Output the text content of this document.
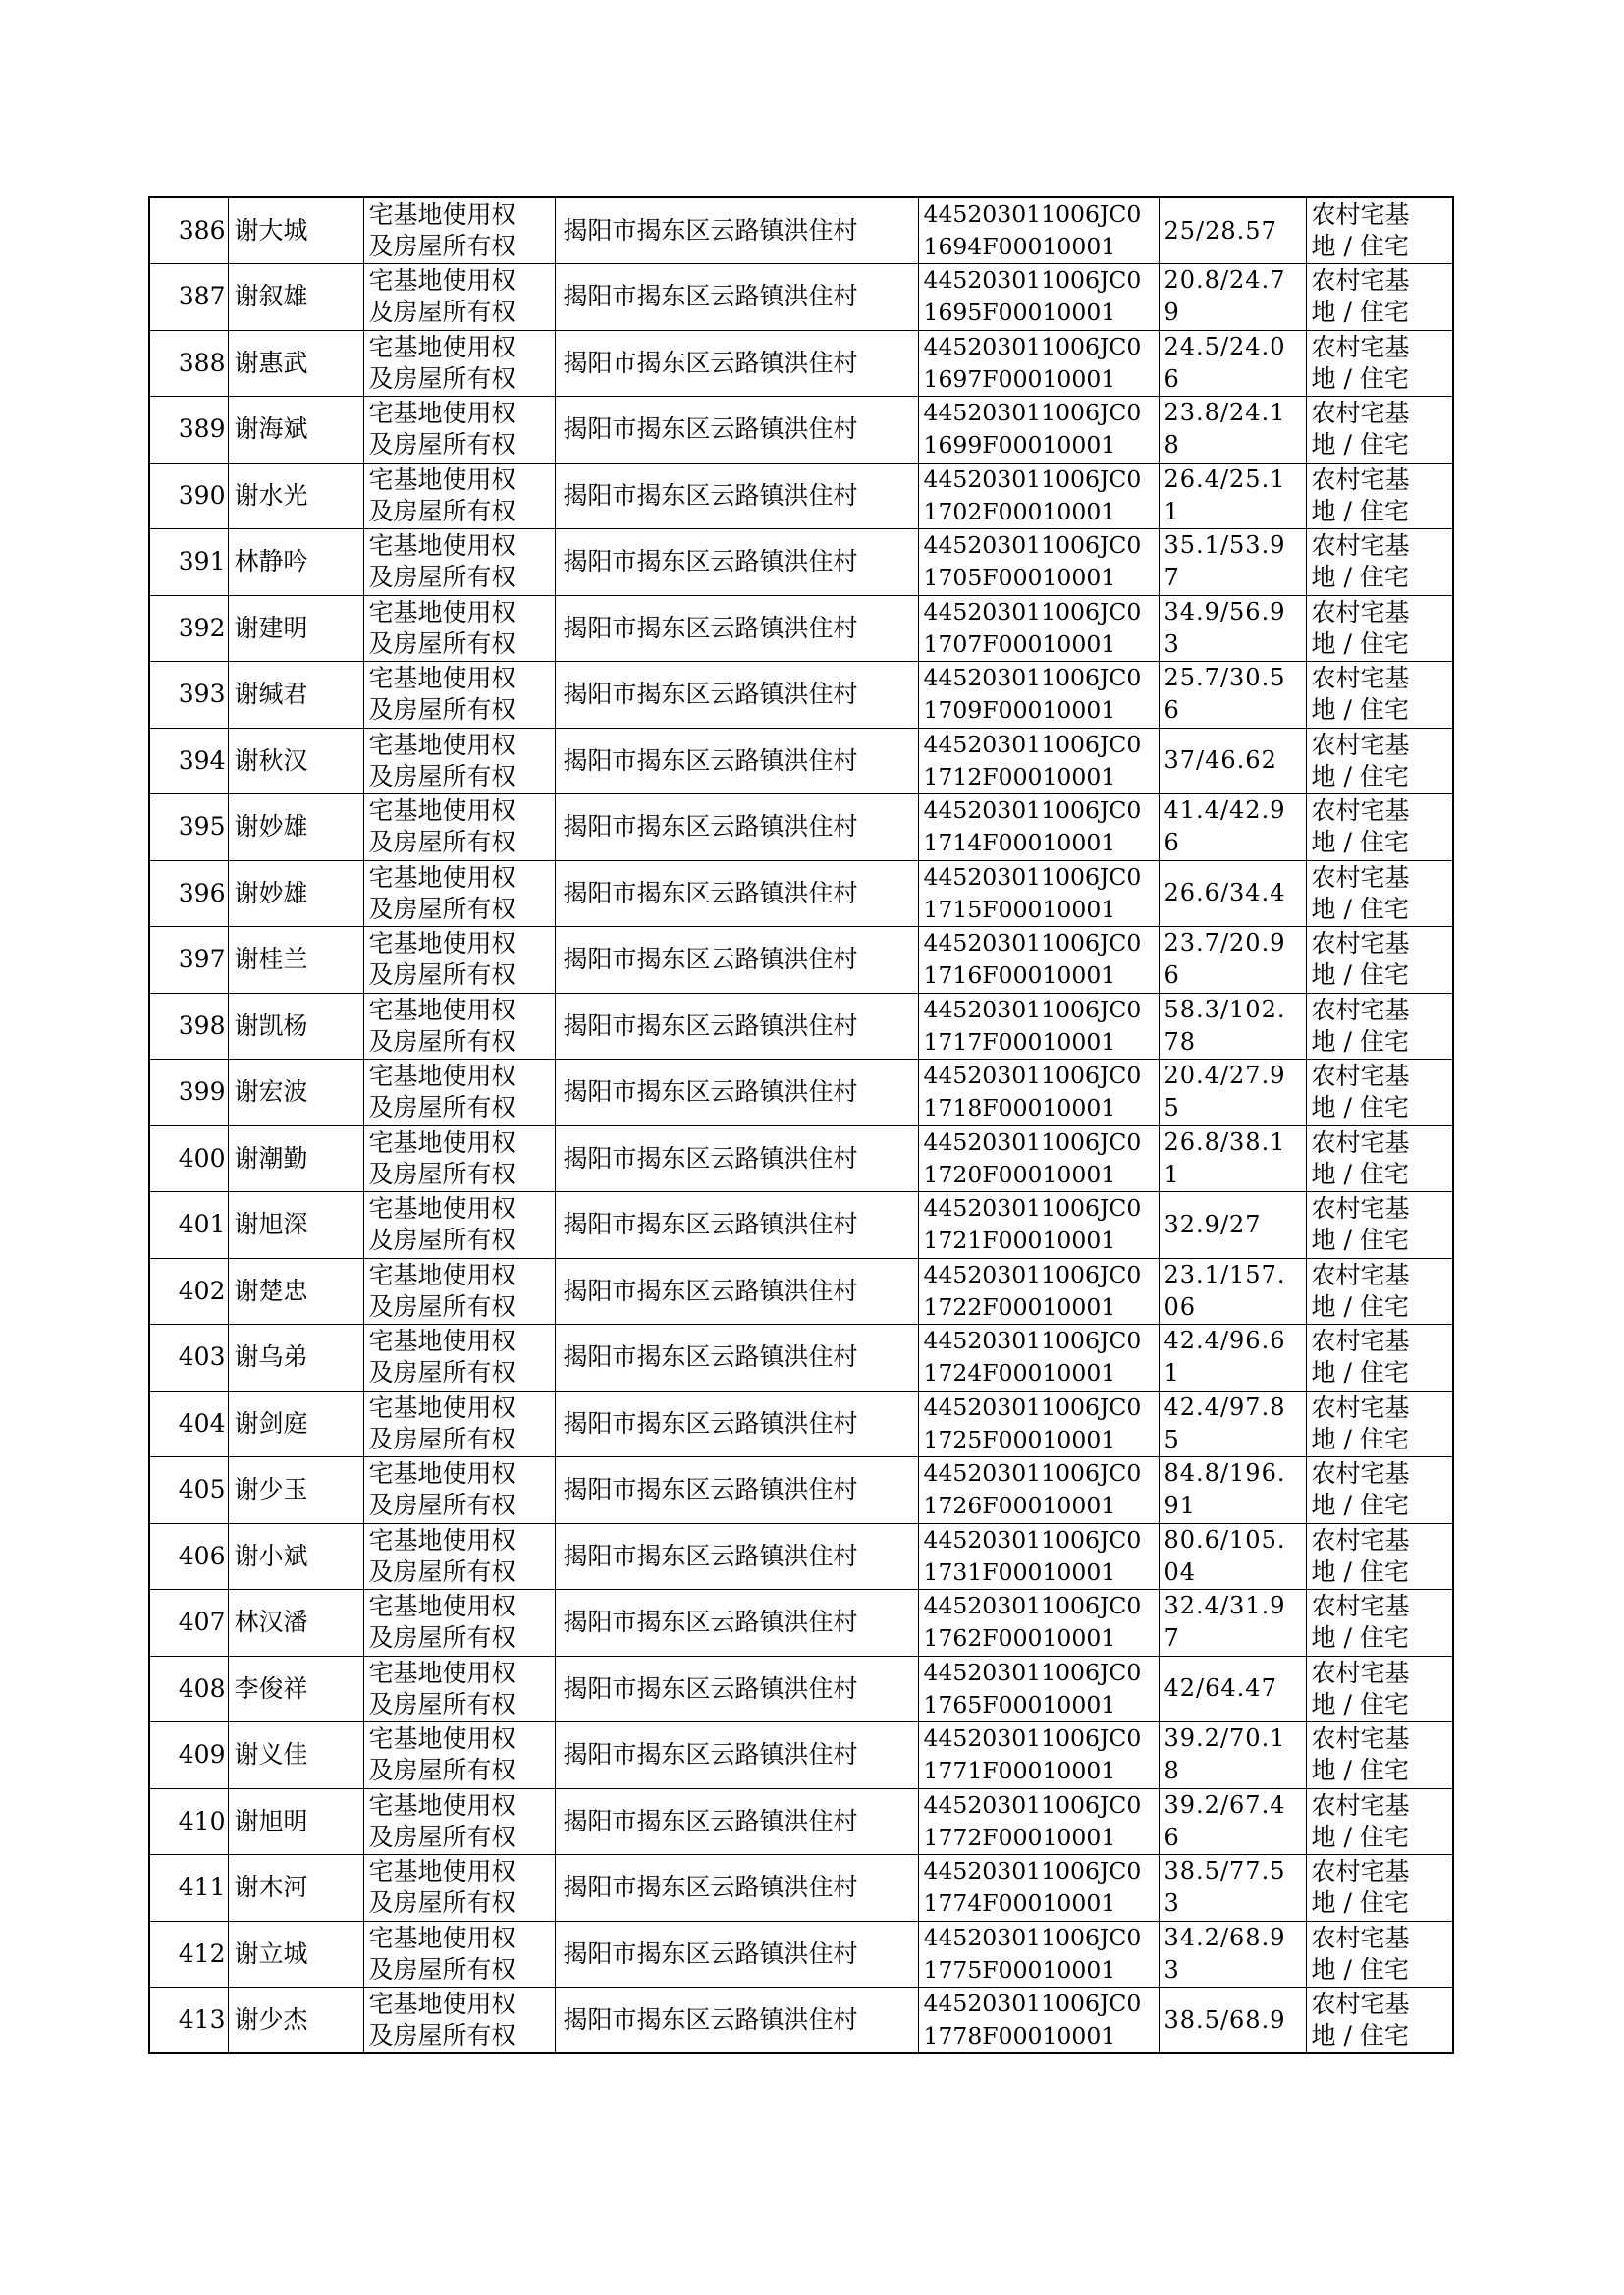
386	谢大城	宅基地使用权
及房屋所有权	揭阳市揭东区云路镇洪住村	445203011006JC01694F00010001	25/28.57	农村宅基
地 / 住宅

387	谢叙雄	宅基地使用权
及房屋所有权	揭阳市揭东区云路镇洪住村	445203011006JC01695F00010001	20.8/24.79	农村宅基
地 / 住宅

388	谢惠武	宅基地使用权
及房屋所有权	揭阳市揭东区云路镇洪住村	445203011006JC01697F00010001	24.5/24.06	农村宅基
地 / 住宅

389	谢海斌	宅基地使用权
及房屋所有权	揭阳市揭东区云路镇洪住村	445203011006JC01699F00010001	23.8/24.18	农村宅基
地 / 住宅

390	谢水光	宅基地使用权
及房屋所有权	揭阳市揭东区云路镇洪住村	445203011006JC01702F00010001	26.4/25.11	农村宅基
地 / 住宅

391	林静吟	宅基地使用权
及房屋所有权	揭阳市揭东区云路镇洪住村	445203011006JC01705F00010001	35.1/53.97	农村宅基
地 / 住宅

392	谢建明	宅基地使用权
及房屋所有权	揭阳市揭东区云路镇洪住村	445203011006JC01707F00010001	34.9/56.93	农村宅基
地 / 住宅

393	谢缄君	宅基地使用权
及房屋所有权	揭阳市揭东区云路镇洪住村	445203011006JC01709F00010001	25.7/30.56	农村宅基
地 / 住宅

394	谢秋汉	宅基地使用权
及房屋所有权	揭阳市揭东区云路镇洪住村	445203011006JC01712F00010001	37/46.62	农村宅基
地 / 住宅

395	谢妙雄	宅基地使用权
及房屋所有权	揭阳市揭东区云路镇洪住村	445203011006JC01714F00010001	41.4/42.96	农村宅基
地 / 住宅

396	谢妙雄	宅基地使用权
及房屋所有权	揭阳市揭东区云路镇洪住村	445203011006JC01715F00010001	26.6/34.4	农村宅基
地 / 住宅

397	谢桂兰	宅基地使用权
及房屋所有权	揭阳市揭东区云路镇洪住村	445203011006JC01716F00010001	23.7/20.96	农村宅基
地 / 住宅

398	谢凯杨	宅基地使用权
及房屋所有权	揭阳市揭东区云路镇洪住村	445203011006JC01717F00010001	58.3/102.78	农村宅基
地 / 住宅

399	谢宏波	宅基地使用权
及房屋所有权	揭阳市揭东区云路镇洪住村	445203011006JC01718F00010001	20.4/27.95	农村宅基
地 / 住宅

400	谢潮勤	宅基地使用权
及房屋所有权	揭阳市揭东区云路镇洪住村	445203011006JC01720F00010001	26.8/38.11	农村宅基
地 / 住宅

401	谢旭深	宅基地使用权
及房屋所有权	揭阳市揭东区云路镇洪住村	445203011006JC01721F00010001	32.9/27	农村宅基
地 / 住宅

402	谢楚忠	宅基地使用权
及房屋所有权	揭阳市揭东区云路镇洪住村	445203011006JC01722F00010001	23.1/157.06	农村宅基
地 / 住宅

403	谢乌弟	宅基地使用权
及房屋所有权	揭阳市揭东区云路镇洪住村	445203011006JC01724F00010001	42.4/96.61	农村宅基
地 / 住宅

404	谢剑庭	宅基地使用权
及房屋所有权	揭阳市揭东区云路镇洪住村	445203011006JC01725F00010001	42.4/97.85	农村宅基
地 / 住宅

405	谢少玉	宅基地使用权
及房屋所有权	揭阳市揭东区云路镇洪住村	445203011006JC01726F00010001	84.8/196.91	农村宅基
地 / 住宅

406	谢小斌	宅基地使用权
及房屋所有权	揭阳市揭东区云路镇洪住村	445203011006JC01731F00010001	80.6/105.04	农村宅基
地 / 住宅

407	林汉潘	宅基地使用权
及房屋所有权	揭阳市揭东区云路镇洪住村	445203011006JC01762F00010001	32.4/31.97	农村宅基
地 / 住宅

408	李俊祥	宅基地使用权
及房屋所有权	揭阳市揭东区云路镇洪住村	445203011006JC01765F00010001	42/64.47	农村宅基
地 / 住宅

409	谢义佳	宅基地使用权
及房屋所有权	揭阳市揭东区云路镇洪住村	445203011006JC01771F00010001	39.2/70.18	农村宅基
地 / 住宅

410	谢旭明	宅基地使用权
及房屋所有权	揭阳市揭东区云路镇洪住村	445203011006JC01772F00010001	39.2/67.46	农村宅基
地 / 住宅

411	谢木河	宅基地使用权
及房屋所有权	揭阳市揭东区云路镇洪住村	445203011006JC01774F00010001	38.5/77.53	农村宅基
地 / 住宅

412	谢立城	宅基地使用权
及房屋所有权	揭阳市揭东区云路镇洪住村	445203011006JC01775F00010001	34.2/68.93	农村宅基
地 / 住宅

413	谢少杰	宅基地使用权
及房屋所有权	揭阳市揭东区云路镇洪住村	445203011006JC01778F00010001	38.5/68.9	农村宅基
地 / 住宅
